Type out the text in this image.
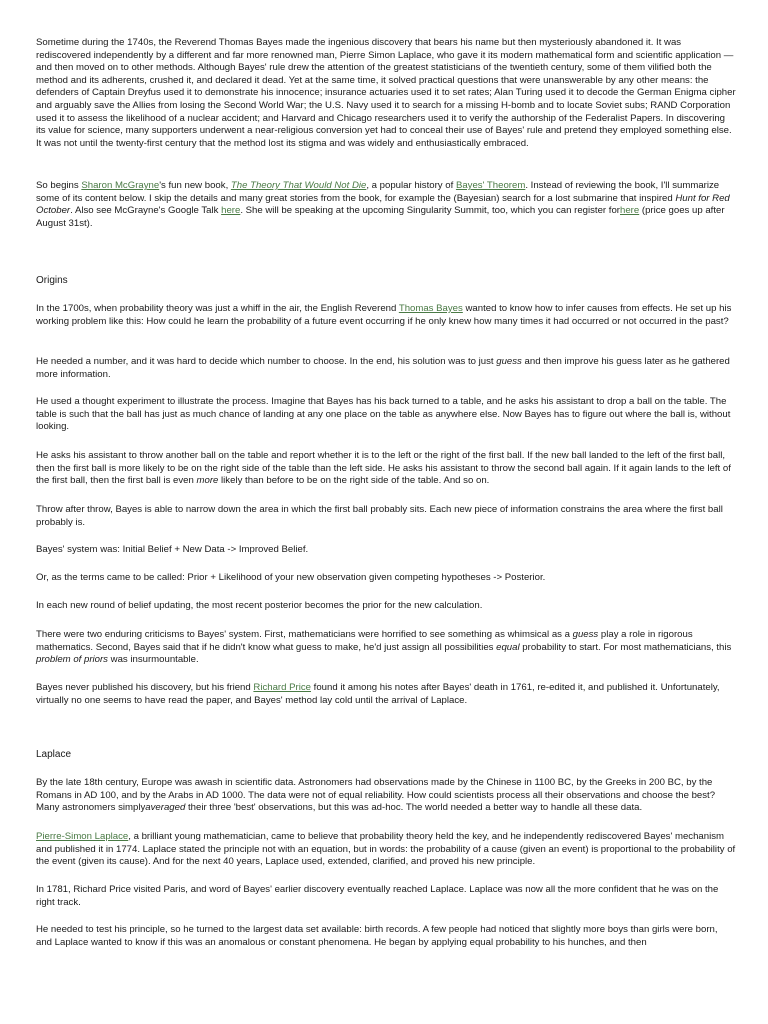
Sometime during the 1740s, the Reverend Thomas Bayes made the ingenious discovery that bears his name but then mysteriously abandoned it. It was rediscovered independently by a different and far more renowned man, Pierre Simon Laplace, who gave it its modern mathematical form and scientific application — and then moved on to other methods. Although Bayes' rule drew the attention of the greatest statisticians of the twentieth century, some of them vilified both the method and its adherents, crushed it, and declared it dead. Yet at the same time, it solved practical questions that were unanswerable by any other means: the defenders of Captain Dreyfus used it to demonstrate his innocence; insurance actuaries used it to set rates; Alan Turing used it to decode the German Enigma cipher and arguably save the Allies from losing the Second World War; the U.S. Navy used it to search for a missing H-bomb and to locate Soviet subs; RAND Corporation used it to assess the likelihood of a nuclear accident; and Harvard and Chicago researchers used it to verify the authorship of the Federalist Papers. In discovering its value for science, many supporters underwent a near-religious conversion yet had to conceal their use of Bayes' rule and pretend they employed something else. It was not until the twenty-first century that the method lost its stigma and was widely and enthusiastically embraced.

So begins Sharon McGrayne's fun new book, The Theory That Would Not Die, a popular history of Bayes' Theorem. Instead of reviewing the book, I'll summarize some of its content below. I skip the details and many great stories from the book, for example the (Bayesian) search for a lost submarine that inspired Hunt for Red October. Also see McGrayne's Google Talk here. She will be speaking at the upcoming Singularity Summit, too, which you can register forhere (price goes up after August 31st).

Origins

In the 1700s, when probability theory was just a whiff in the air, the English Reverend Thomas Bayes wanted to know how to infer causes from effects. He set up his working problem like this: How could he learn the probability of a future event occurring if he only knew how many times it had occurred or not occurred in the past?

He needed a number, and it was hard to decide which number to choose. In the end, his solution was to just guess and then improve his guess later as he gathered more information.

He used a thought experiment to illustrate the process. Imagine that Bayes has his back turned to a table, and he asks his assistant to drop a ball on the table. The table is such that the ball has just as much chance of landing at any one place on the table as anywhere else. Now Bayes has to figure out where the ball is, without looking.

He asks his assistant to throw another ball on the table and report whether it is to the left or the right of the first ball. If the new ball landed to the left of the first ball, then the first ball is more likely to be on the right side of the table than the left side. He asks his assistant to throw the second ball again. If it again lands to the left of the first ball, then the first ball is even more likely than before to be on the right side of the table. And so on.

Throw after throw, Bayes is able to narrow down the area in which the first ball probably sits. Each new piece of information constrains the area where the first ball probably is.

Bayes' system was: Initial Belief + New Data -> Improved Belief.

Or, as the terms came to be called: Prior + Likelihood of your new observation given competing hypotheses -> Posterior.

In each new round of belief updating, the most recent posterior becomes the prior for the new calculation.

There were two enduring criticisms to Bayes' system. First, mathematicians were horrified to see something as whimsical as a guess play a role in rigorous mathematics. Second, Bayes said that if he didn't know what guess to make, he'd just assign all possibilities equal probability to start. For most mathematicians, this problem of priors was insurmountable.

Bayes never published his discovery, but his friend Richard Price found it among his notes after Bayes' death in 1761, re-edited it, and published it. Unfortunately, virtually no one seems to have read the paper, and Bayes' method lay cold until the arrival of Laplace.

Laplace

By the late 18th century, Europe was awash in scientific data. Astronomers had observations made by the Chinese in 1100 BC, by the Greeks in 200 BC, by the Romans in AD 100, and by the Arabs in AD 1000. The data were not of equal reliability. How could scientists process all their observations and choose the best? Many astronomers simplyaveraged their three 'best' observations, but this was ad-hoc. The world needed a better way to handle all these data.

Pierre-Simon Laplace, a brilliant young mathematician, came to believe that probability theory held the key, and he independently rediscovered Bayes' mechanism and published it in 1774. Laplace stated the principle not with an equation, but in words: the probability of a cause (given an event) is proportional to the probability of the event (given its cause). And for the next 40 years, Laplace used, extended, clarified, and proved his new principle.

In 1781, Richard Price visited Paris, and word of Bayes' earlier discovery eventually reached Laplace. Laplace was now all the more confident that he was on the right track.

He needed to test his principle, so he turned to the largest data set available: birth records. A few people had noticed that slightly more boys than girls were born, and Laplace wanted to know if this was an anomalous or constant phenomena. He began by applying equal probability to his hunches, and then
